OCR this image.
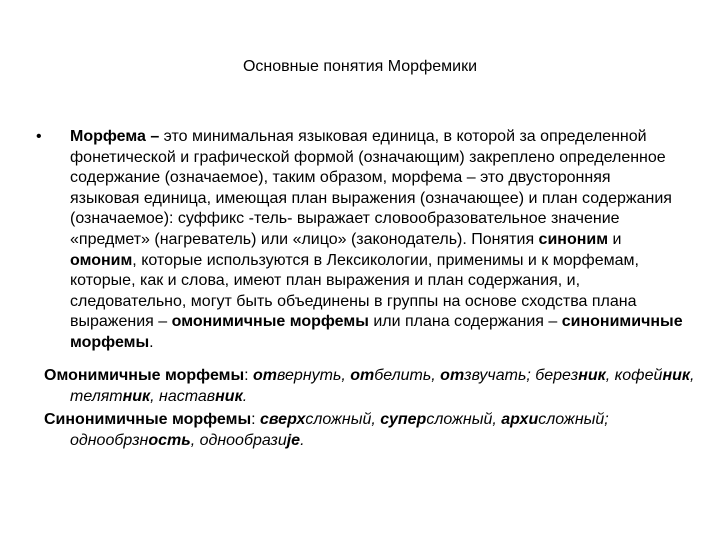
Основные понятия Морфемики
•	Морфема – это минимальная языковая единица, в которой за определенной фонетической и графической формой (означающим) закреплено определенное содержание (означаемое), таким образом, морфема – это двусторонняя языковая единица, имеющая план выражения (означающее) и план содержания (означаемое): суффикс -тель- выражает словообразовательное значение «предмет» (нагреватель) или «лицо» (законодатель). Понятия синоним и омоним, которые используются в Лексикологии, применимы и к морфемам, которые, как и слова, имеют план выражения и план содержания, и, следовательно, могут быть объединены в группы на основе сходства плана выражения – омонимичные морфемы или плана содержания – синонимичные морфемы.
Омонимичные морфемы: отвернуть, отбелить, отзвучать; березник, кофейник, телятник, наставник.
Синонимичные морфемы: сверхсложный, суперсложный, архисложный; однообрзность, однообразије.
